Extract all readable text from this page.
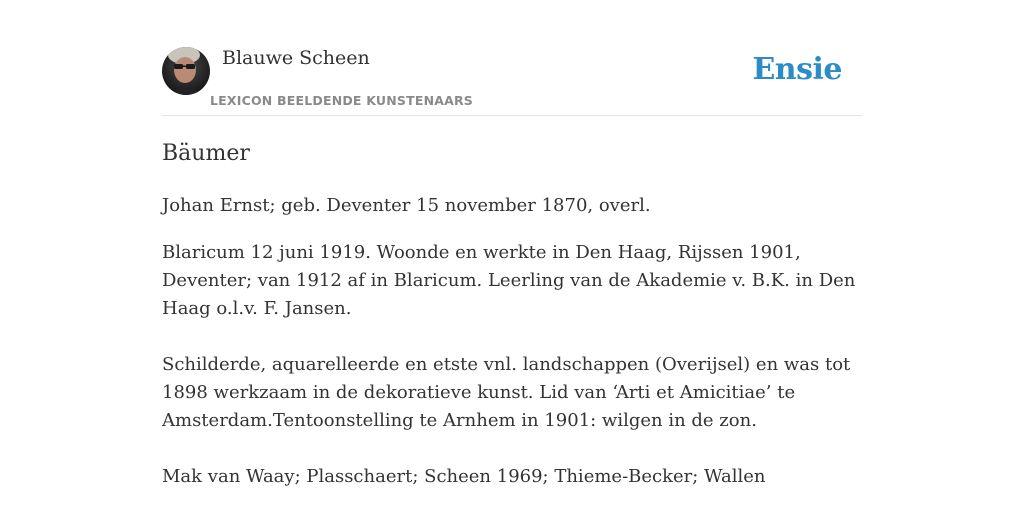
Blauwe Scheen
LEXICON BEELDENDE KUNSTENAARS
Ensie
Bäumer

Johan Ernst; geb. Deventer 15 november 1870, overl.

Blaricum 12 juni 1919. Woonde en werkte in Den Haag, Rijssen 1901, Deventer; van 1912 af in Blaricum. Leerling van de Akademie v. B.K. in Den Haag o.l.v. F. Jansen.

Schilderde, aquarelleerde en etste vnl. landschappen (Overijsel) en was tot 1898 werkzaam in de dekoratieve kunst. Lid van ‘Arti et Amicitiae’ te Amsterdam.Tentoonstelling te Arnhem in 1901: wilgen in de zon.

Mak van Waay; Plasschaert; Scheen 1969; Thieme-Becker; Wallen
